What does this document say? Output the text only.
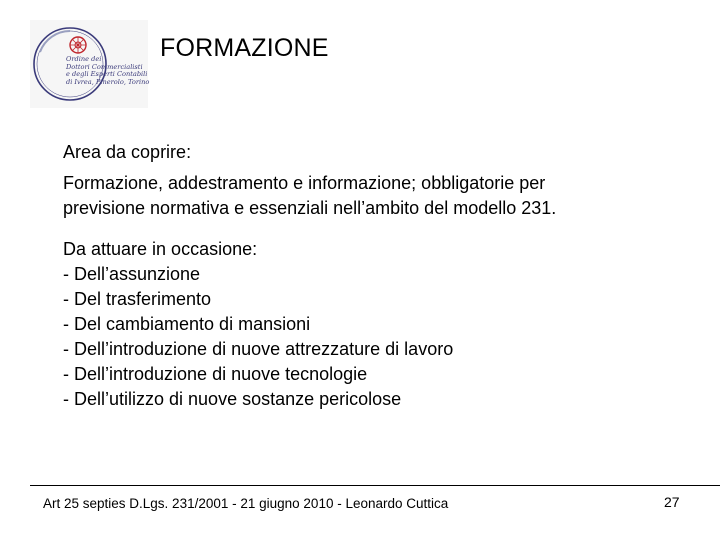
Ordine dei
Dottori Commercialisti
e degli Esperti Contabili
di Ivrea, Pinerolo, Torino
FORMAZIONE

Area da coprire:

Formazione, addestramento e informazione; obbligatorie per

previsione normativa e essenziali nell’ambito del modello 231.

Da attuare in occasione:

- Dell’assunzione

- Del trasferimento

- Del cambiamento di mansioni

- Dell’introduzione di nuove attrezzature di lavoro

- Dell’introduzione di nuove tecnologie

- Dell’utilizzo di nuove sostanze pericolose

Art 25 septies D.Lgs. 231/2001 - 21 giugno 2010 - Leonardo Cuttica	27
